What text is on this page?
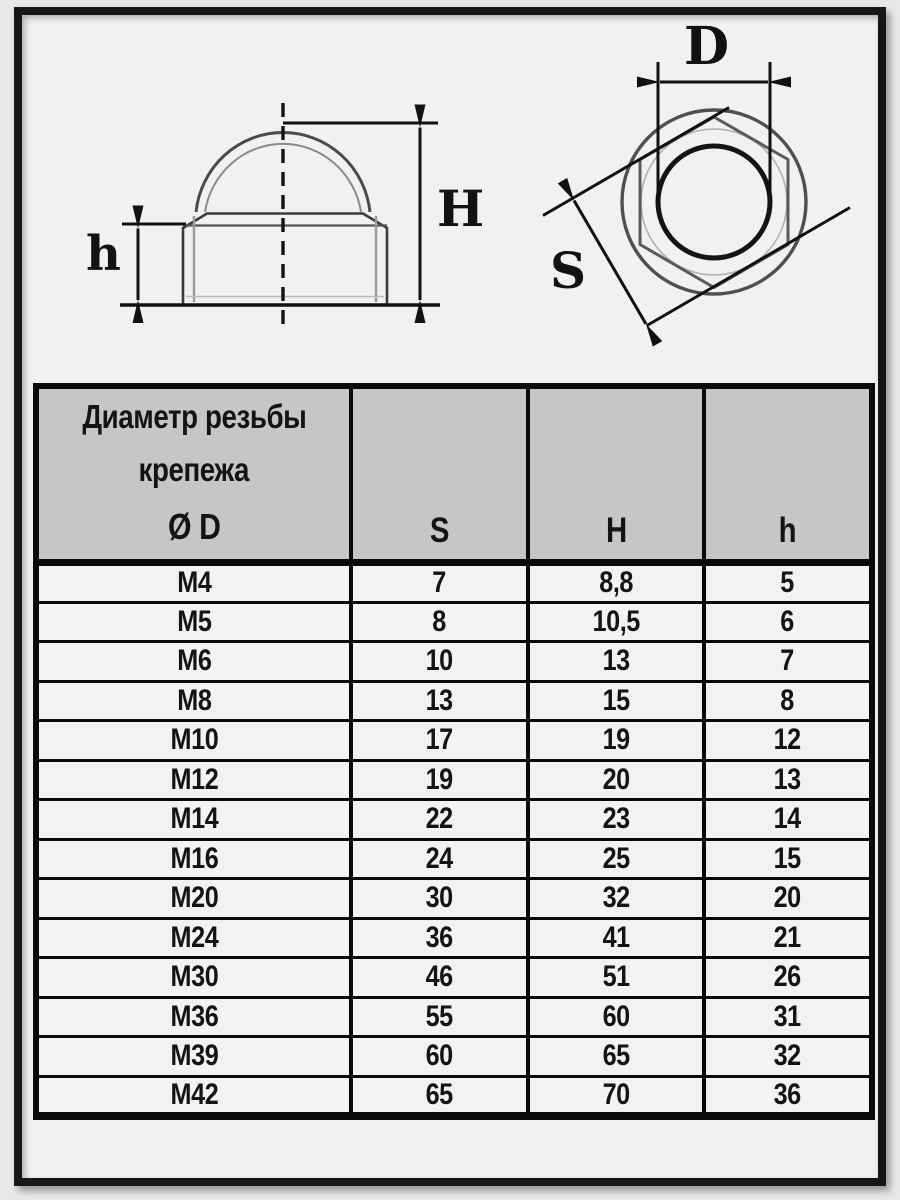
h
H
D
S
Диаметр резьбы
крепежа
Ø D	S	H	h

M4	7	8,8	5
M5	8	10,5	6
M6	10	13	7
M8	13	15	8
M10	17	19	12
M12	19	20	13
M14	22	23	14
M16	24	25	15
M20	30	32	20
M24	36	41	21
M30	46	51	26
M36	55	60	31
M39	60	65	32
M42	65	70	36
